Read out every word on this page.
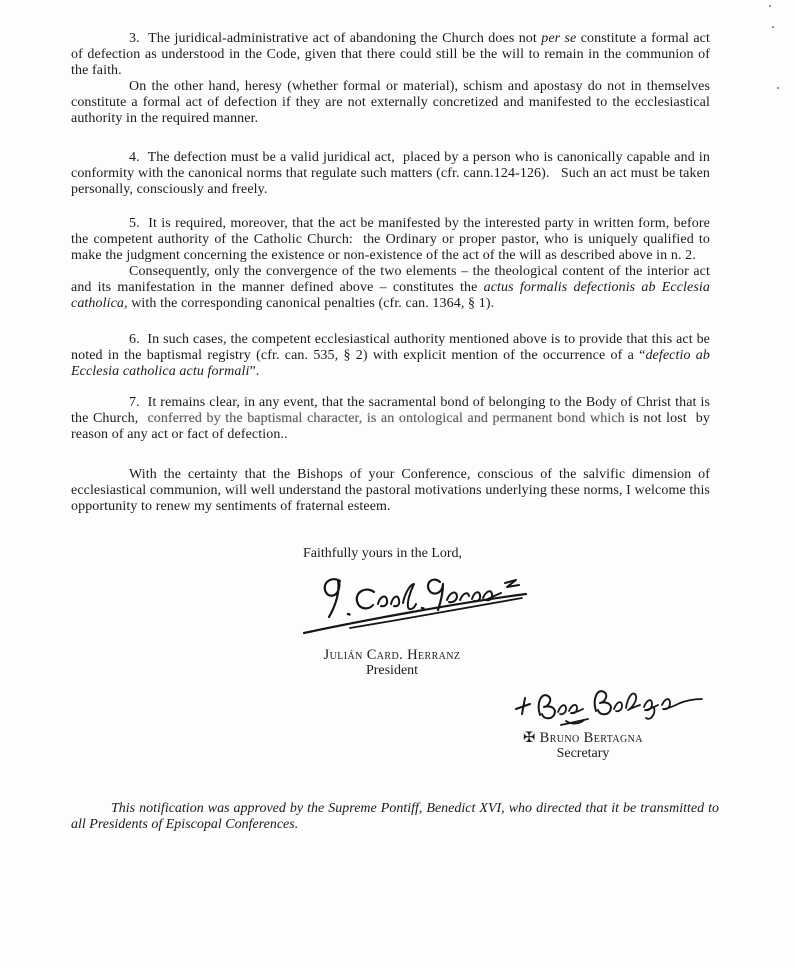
3.  The juridical-administrative act of abandoning the Church does not per se constitute a formal act of defection as understood in the Code, given that there could still be the will to remain in the communion of the faith.

On the other hand, heresy (whether formal or material), schism and apostasy do not in themselves constitute a formal act of defection if they are not externally concretized and manifested to the ecclesiastical authority in the required manner.

4.  The defection must be a valid juridical act,  placed by a person who is canonically capable and in conformity with the canonical norms that regulate such matters (cfr. cann.124-126).   Such an act must be taken personally, consciously and freely.

5.  It is required, moreover, that the act be manifested by the interested party in written form, before the competent authority of the Catholic Church:  the Ordinary or proper pastor, who is uniquely qualified to make the judgment concerning the existence or non-existence of the act of the will as described above in n. 2.

Consequently, only the convergence of the two elements – the theological content of the interior act and its manifestation in the manner defined above – constitutes the actus formalis defectionis ab Ecclesia catholica, with the corresponding canonical penalties (cfr. can. 1364, § 1).

6.  In such cases, the competent ecclesiastical authority mentioned above is to provide that this act be noted in the baptismal registry (cfr. can. 535, § 2) with explicit mention of the occurrence of a “defectio ab Ecclesia catholica actu formali”.

7.  It remains clear, in any event, that the sacramental bond of belonging to the Body of Christ that is the Church,  conferred by the baptismal character, is an ontological and permanent bond which is not lost  by reason of any act or fact of defection..

With the certainty that the Bishops of your Conference, conscious of the salvific dimension of ecclesiastical communion, will well understand the pastoral motivations underlying these norms, I welcome this opportunity to renew my sentiments of fraternal esteem.

Faithfully yours in the Lord,
Julián Card. Herranz
President
✠ Bruno Bertagna
Secretary

This notification was approved by the Supreme Pontiff, Benedict XVI, who directed that it be transmitted to all Presidents of Episcopal Conferences.
